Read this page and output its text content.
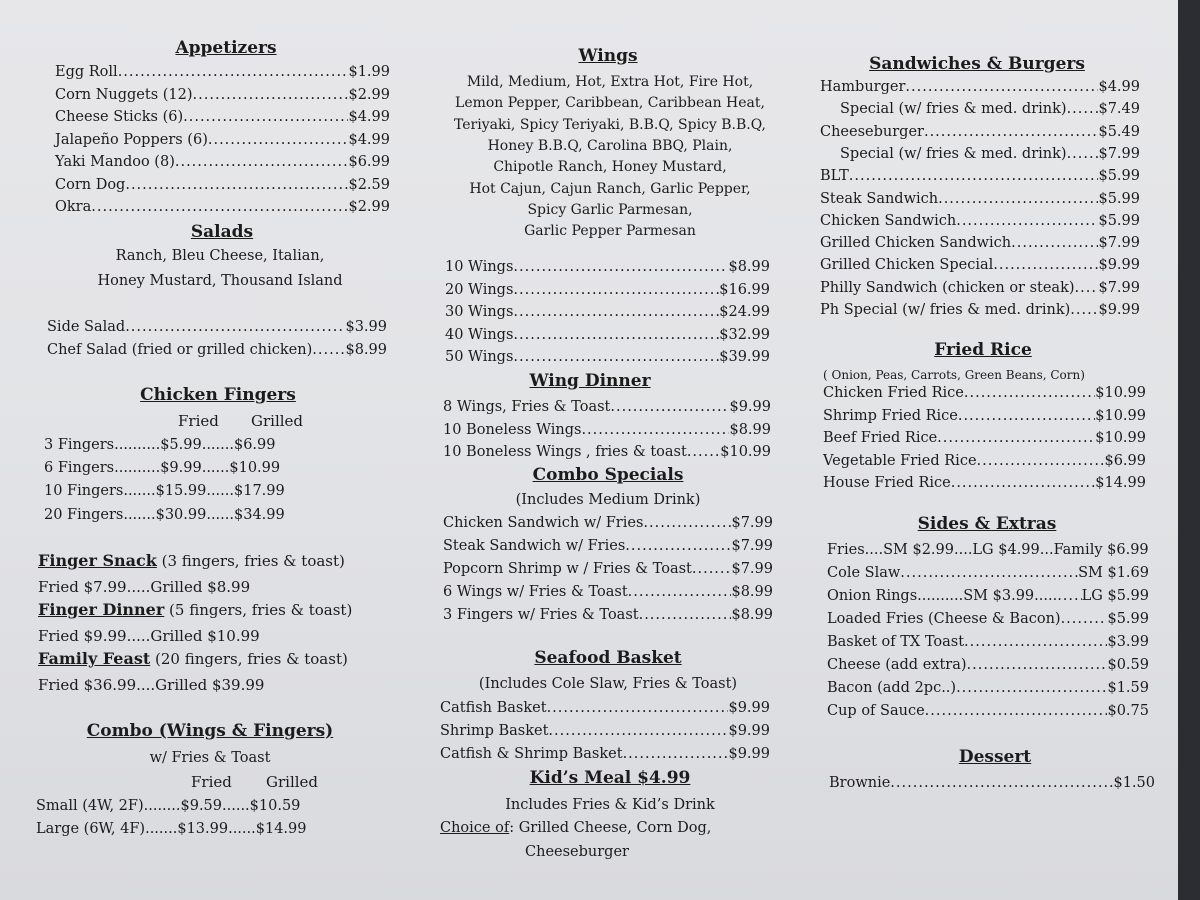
Appetizers
Egg Roll .....	$1.99
Corn Nuggets (12) .....	$2.99
Cheese Sticks (6) .....	$4.99
Jalapeño Poppers (6) .....	$4.99
Yaki Mandoo (8) .....	$6.99
Corn Dog .....	$2.59
Okra .....	$2.99
Salads
Ranch, Bleu Cheese, Italian,
Honey Mustard, Thousand Island
Side Salad .....	$3.99
Chef Salad (fried or grilled chicken) ..... $8.99
Chicken Fingers
Fried Grilled
3 Fingers..........$5.99.......$6.99
6 Fingers..........$9.99......$10.99
10 Fingers.......$15.99......$17.99
20 Fingers.......$30.99......$34.99
Finger Snack (3 fingers, fries & toast)
Fried $7.99.....Grilled $8.99
Finger Dinner (5 fingers, fries & toast)
Fried $9.99.....Grilled $10.99
Family Feast (20 fingers, fries & toast)
Fried $36.99....Grilled $39.99
Combo (Wings & Fingers)
w/ Fries & Toast
Fried Grilled
Small (4W, 2F)........$9.59......$10.59
Large (6W, 4F).......$13.99......$14.99
Wings
Mild, Medium, Hot, Extra Hot, Fire Hot,
Lemon Pepper, Caribbean, Caribbean Heat,
Teriyaki, Spicy Teriyaki, B.B.Q, Spicy B.B.Q,
Honey B.B.Q, Carolina BBQ, Plain,
Chipotle Ranch, Honey Mustard,
Hot Cajun, Cajun Ranch, Garlic Pepper,
Spicy Garlic Parmesan,
Garlic Pepper Parmesan
10 Wings .....	$8.99
20 Wings .....	$16.99
30 Wings .....	$24.99
40 Wings .....	$32.99
50 Wings .....	$39.99
Wing Dinner
8 Wings, Fries & Toast .....	$9.99
10 Boneless Wings .....	$8.99
10 Boneless Wings , fries & toast ..... $10.99
Combo Specials
(Includes Medium Drink)
Chicken Sandwich w/ Fries .....	$7.99
Steak Sandwich w/ Fries .....	$7.99
Popcorn Shrimp w / Fries & Toast .....	$7.99
6 Wings w/ Fries & Toast .....	$8.99
3 Fingers w/ Fries & Toast .....	$8.99
Seafood Basket
(Includes Cole Slaw, Fries & Toast)
Catfish Basket .....	$9.99
Shrimp Basket .....	$9.99
Catfish & Shrimp Basket .....	$9.99
Kid’s Meal $4.99
Includes Fries & Kid’s Drink
Choice of: Grilled Cheese, Corn Dog,
Cheeseburger
Sandwiches & Burgers
Hamburger .....	$4.99
Special (w/ fries & med. drink) ..... $7.49
Cheeseburger .....	$5.49
Special (w/ fries & med. drink) ..... $7.99
BLT .....	$5.99
Steak Sandwich .....	$5.99
Chicken Sandwich .....	$5.99
Grilled Chicken Sandwich .....	$7.99
Grilled Chicken Special .....	$9.99
Philly Sandwich (chicken or steak) ..... $7.99
Ph Special (w/ fries & med. drink) ..... $9.99
Fried Rice
( Onion, Peas, Carrots, Green Beans, Corn)
Chicken Fried Rice .....	$10.99
Shrimp Fried Rice .....	$10.99
Beef Fried Rice .....	$10.99
Vegetable Fried Rice .....	$6.99
House Fried Rice .....	$14.99
Sides & Extras
Fries....SM $2.99....LG $4.99...Family $6.99
Cole Slaw .....	SM $1.69
Onion Rings..........SM $3.99..... ..... LG $5.99
Loaded Fries (Cheese & Bacon) .....	$5.99
Basket of TX Toast .....	$3.99
Cheese (add extra) .....	$0.59
Bacon (add 2pc..) .....	$1.59
Cup of Sauce .....	$0.75
Dessert
Brownie .....	$1.50
